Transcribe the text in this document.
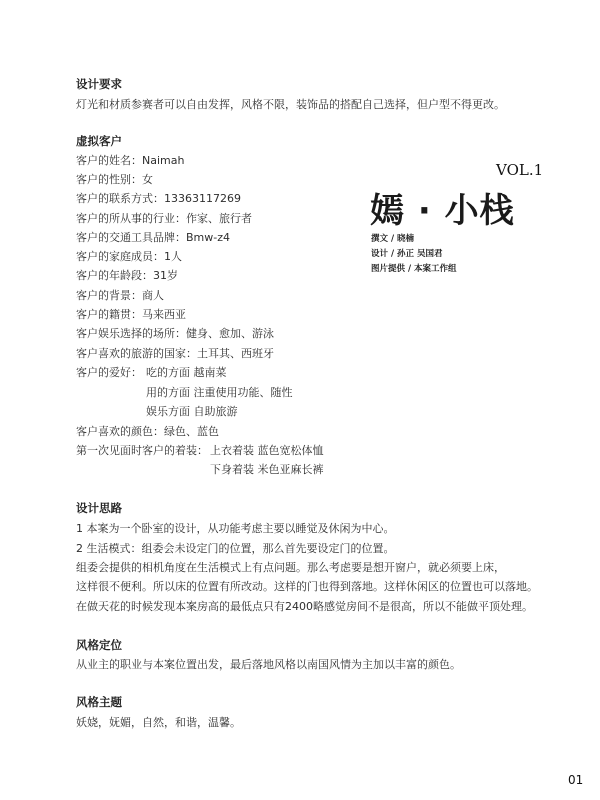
设计要求
灯光和材质参赛者可以自由发挥，风格不限，装饰品的搭配自己选择，但户型不得更改。
虚拟客户
客户的姓名：Naimah
客户的性别：女
客户的联系方式：13363117269
客户的所从事的行业：作家、旅行者
客户的交通工具品牌：Bmw-z4
客户的家庭成员：1人
客户的年龄段：31岁
客户的背景：商人
客户的籍贯：马来西亚
客户娱乐选择的场所：健身、愈加、游泳
客户喜欢的旅游的国家：土耳其、西班牙
客户的爱好： 吃的方面 越南菜
用的方面 注重使用功能、随性
娱乐方面 自助旅游
客户喜欢的颜色：绿色、蓝色
第一次见面时客户的着装： 上衣着装 蓝色宽松体恤
下身着装 米色亚麻长裤
VOL.1
嫣 · 小栈
撰文 / 晓楠
设计 / 孙正 吴国君
图片提供 / 本案工作组
设计思路
1 本案为一个卧室的设计，从功能考虑主要以睡觉及休闲为中心。
2 生活模式：组委会未设定门的位置，那么首先要设定门的位置。
组委会提供的相机角度在生活模式上有点问题。那么考虑要是想开窗户，就必须要上床，
这样很不便利。所以床的位置有所改动。这样的门也得到落地。这样休闲区的位置也可以落地。
在做天花的时候发现本案房高的最低点只有2400略感觉房间不是很高，所以不能做平顶处理。
风格定位
从业主的职业与本案位置出发，最后落地风格以南国风情为主加以丰富的颜色。
风格主题
妖娆，妩媚，自然，和谐，温馨。
01
